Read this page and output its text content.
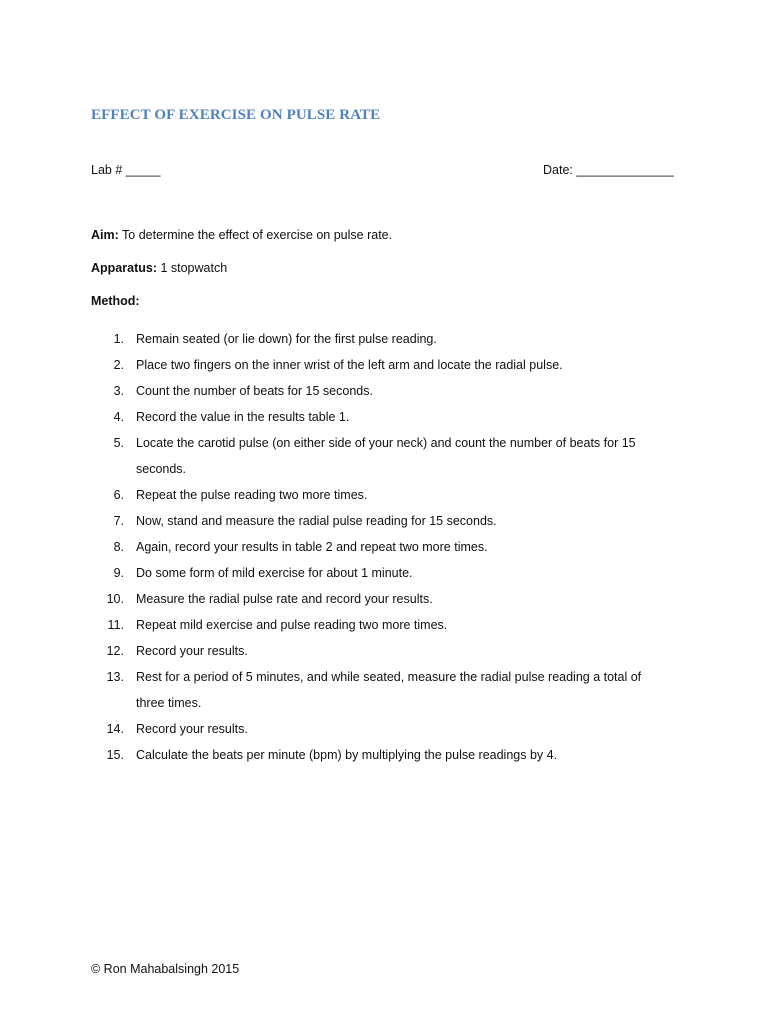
EFFECT OF EXERCISE ON PULSE RATE
Lab # _____	Date: ______________
Aim: To determine the effect of exercise on pulse rate.
Apparatus: 1 stopwatch
Method:
1. Remain seated (or lie down) for the first pulse reading.
2. Place two fingers on the inner wrist of the left arm and locate the radial pulse.
3. Count the number of beats for 15 seconds.
4. Record the value in the results table 1.
5. Locate the carotid pulse (on either side of your neck) and count the number of beats for 15 seconds.
6. Repeat the pulse reading two more times.
7. Now, stand and measure the radial pulse reading for 15 seconds.
8. Again, record your results in table 2 and repeat two more times.
9. Do some form of mild exercise for about 1 minute.
10. Measure the radial pulse rate and record your results.
11. Repeat mild exercise and pulse reading two more times.
12. Record your results.
13. Rest for a period of 5 minutes, and while seated, measure the radial pulse reading a total of three times.
14. Record your results.
15. Calculate the beats per minute (bpm) by multiplying the pulse readings by 4.
© Ron Mahabalsingh 2015
